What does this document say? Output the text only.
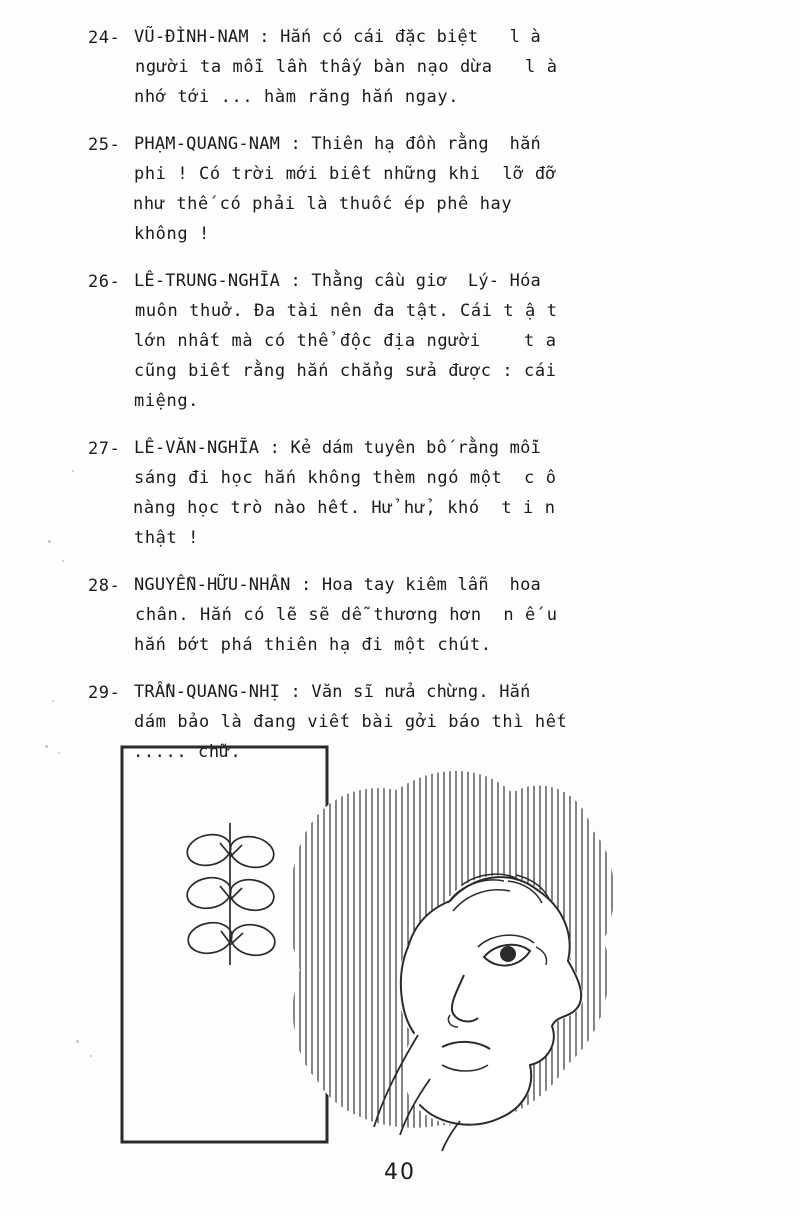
24- VŨ-ĐÌNH-NAM : Hắn có cái đặc biệt   l à
người ta mỗi lần thấy bàn nạo dừa   l à
nhớ tới ... hàm răng hắn ngay.
25- PHẠM-QUANG-NAM : Thiên hạ đồn rằng  hắn
phi ! Có trời mới biết những khi  lỡ đỡ
như thế có phải là thuốc ép phê hay
không !
26- LÊ-TRUNG-NGHĨA : Thằng cầu giơ  Lý- Hóa
muôn thuở. Đa tài nên đa tật. Cái t ậ t
lớn nhất mà có thể độc địa người    t a
cũng biết rằng hắn chẳng sửa được : cái
miệng.
27- LÊ-VĂN-NGHĨA : Kẻ dám tuyên bố rằng mỗi
sáng đi học hắn không thèm ngó một  c ô
nàng học trò nào hết. Hử hử, khó  t i n
thật !
28- NGUYỄN-HỮU-NHÂN : Hoa tay kiêm lẫn  hoa
chân. Hắn có lẽ sẽ dễ thương hơn  n ế u
hắn bớt phá thiên hạ đi một chút.
29- TRẦN-QUANG-NHỊ : Văn sĩ nửa chừng. Hắn
dám bảo là đang viết bài gởi báo thì hết
..... chữ.
40
